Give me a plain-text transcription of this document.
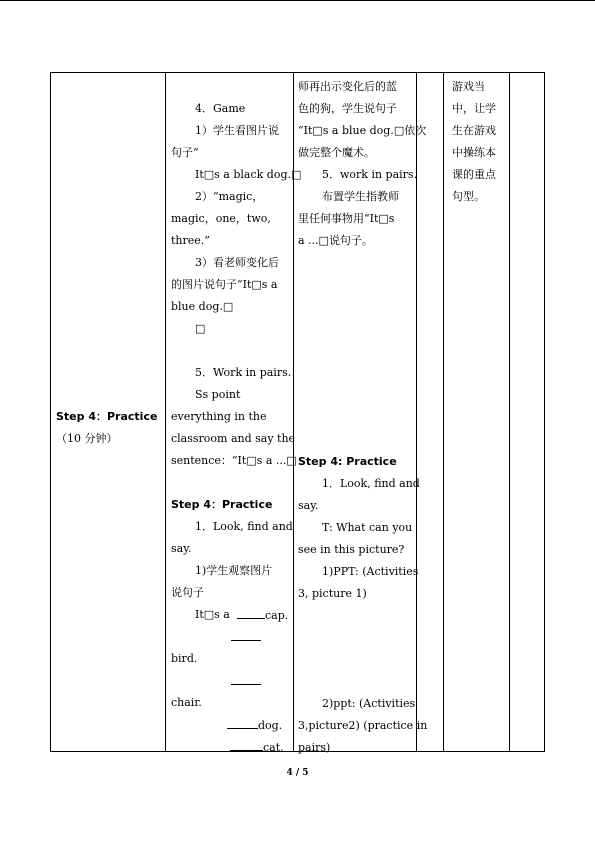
Step 4：Practice
（10 分钟）
4．Game
1）学生看图片说
句子“
It□s a black dog.□
2）“magic，
magic，one，two,
three.”
3）看老师变化后
的图片说句子“It□s a
blue dog.□
□
5．Work in pairs.
Ss point
everything in the
classroom and say the
sentence：“It□s a ...□
Step 4：Practice
1．Look, find and
say.
1)学生观察图片
说句子
It□s a	cap.
bird.
chair.
dog.
cat.
师再出示变化后的蓝
色的狗，学生说句子
“It□s a blue dog.□依次
做完整个魔术。
5．work in pairs.
布置学生指教师
里任何事物用“It□s
a ...□说句子。
Step 4: Practice
1．Look, find and
say.
T: What can you
see in this picture?
1)PPT: (Activities
3, picture 1)
2)ppt: (Activities
3,picture2) (practice in
pairs)
游戏当
中，让学
生在游戏
中操练本
课的重点
句型。
4 / 5
